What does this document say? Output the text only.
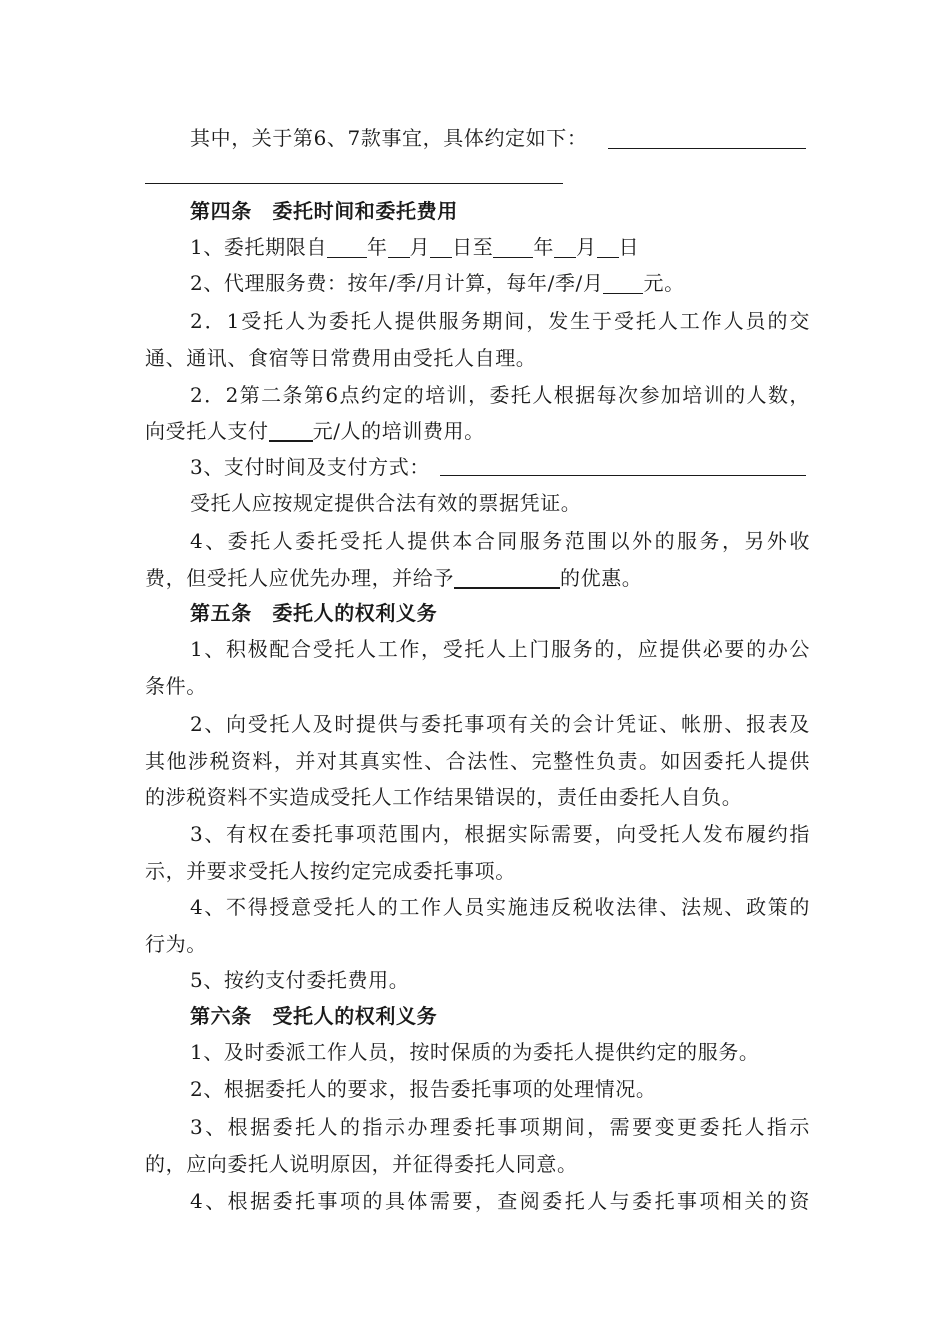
其中，关于第6、7款事宜，具体约定如下：
第四条　委托时间和委托费用
1、委托期限自 年 月 日至 年 月 日
2、代理服务费：按年/季/月计算，每年/季/月 元。
2．1受托人为委托人提供服务期间，发生于受托人工作人员的交
通、通讯、食宿等日常费用由受托人自理。
2．2第二条第6点约定的培训，委托人根据每次参加培训的人数，
向受托人支付 元/人的培训费用。
3、支付时间及支付方式：
受托人应按规定提供合法有效的票据凭证。
4、委托人委托受托人提供本合同服务范围以外的服务，另外收
费，但受托人应优先办理，并给予	的优惠。
第五条　委托人的权利义务
1、积极配合受托人工作，受托人上门服务的，应提供必要的办公
条件。
2、向受托人及时提供与委托事项有关的会计凭证、帐册、报表及
其他涉税资料，并对其真实性、合法性、完整性负责。如因委托人提供
的涉税资料不实造成受托人工作结果错误的，责任由委托人自负。
3、有权在委托事项范围内，根据实际需要，向受托人发布履约指
示，并要求受托人按约定完成委托事项。
4、不得授意受托人的工作人员实施违反税收法律、法规、政策的
行为。
5、按约支付委托费用。
第六条　受托人的权利义务
1、及时委派工作人员，按时保质的为委托人提供约定的服务。
2、根据委托人的要求，报告委托事项的处理情况。
3、根据委托人的指示办理委托事项期间，需要变更委托人指示
的，应向委托人说明原因，并征得委托人同意。
4、根据委托事项的具体需要，查阅委托人与委托事项相关的资
